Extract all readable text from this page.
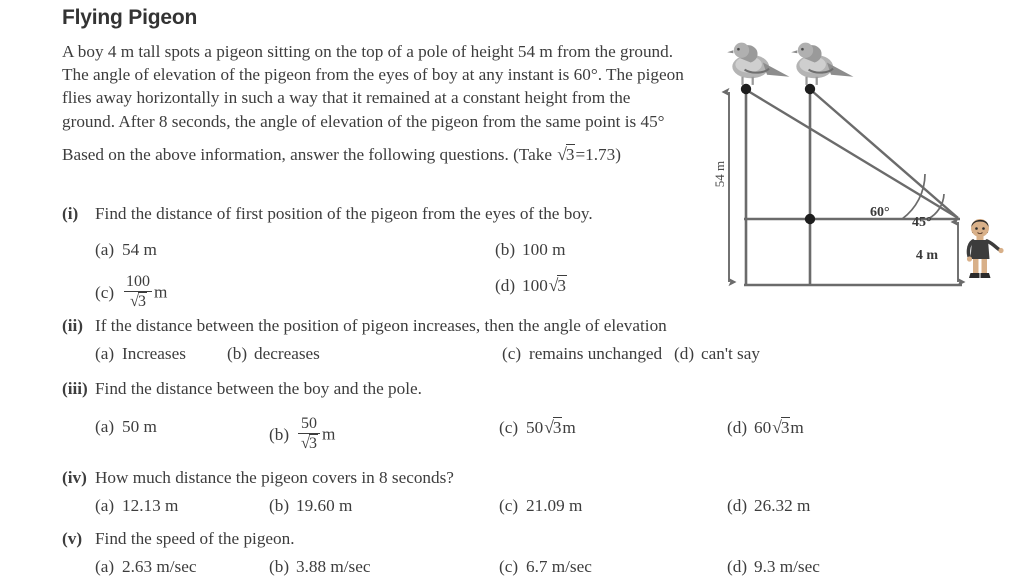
Flying Pigeon

A boy 4 m tall spots a pigeon sitting on the top of a pole of height 54 m from the ground. The angle of elevation of the pigeon from the eyes of boy at any instant is 60°. The pigeon flies away horizontally in such a way that it remained at a constant height from the ground. After 8 seconds, the angle of elevation of the pigeon from the same point is 45°

Based on the above information, answer the following questions. (Take √3=1.73)

(i) Find the distance of first position of the pigeon from the eyes of the boy.
(a) 54 m	(b) 100 m
$(c) \frac{100}{√3}$ m	(d) 100√3
(ii) If the distance between the position of pigeon increases, then the angle of elevation
(a) Increases (b) decreases	(c) remains unchanged (d) can't say
(iii) Find the distance between the boy and the pole.
(a) 50 m	$(b) \frac{50}{√3}$ m	(c) 50√3m	(d) 60√3m
(iv) How much distance the pigeon covers in 8 seconds?
(a) 12.13 m	(b) 19.60 m	(c) 21.09 m	(d) 26.32 m
(v) Find the speed of the pigeon.
(a) 2.63 m/sec	(b) 3.88 m/sec	(c) 6.7 m/sec	(d) 9.3 m/sec
54 m
4 m
60°
45°
